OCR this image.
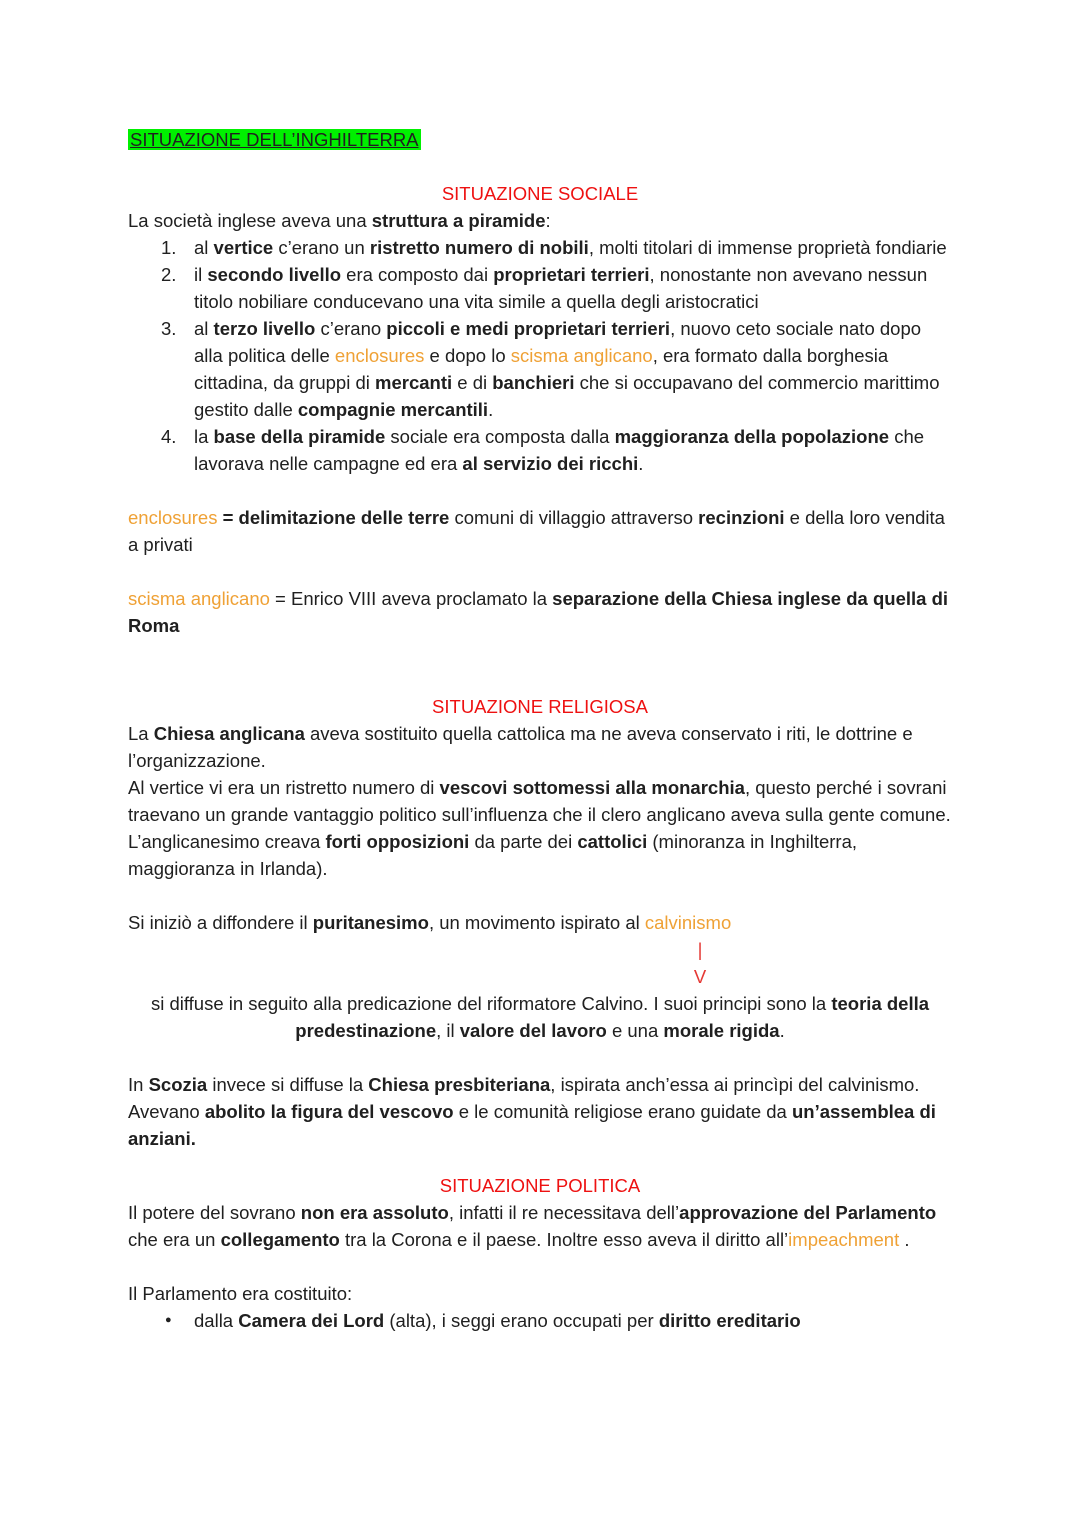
SITUAZIONE DELL’INGHILTERRA
SITUAZIONE SOCIALE
La società inglese aveva una struttura a piramide:
1. al vertice c’erano un ristretto numero di nobili, molti titolari di immense proprietà fondiarie
2. il secondo livello era composto dai proprietari terrieri, nonostante non avevano nessun titolo nobiliare conducevano una vita simile a quella degli aristocratici
3. al terzo livello c’erano piccoli e medi proprietari terrieri, nuovo ceto sociale nato dopo alla politica delle enclosures e dopo lo scisma anglicano, era formato dalla borghesia cittadina, da gruppi di mercanti e di banchieri che si occupavano del commercio marittimo gestito dalle compagnie mercantili.
4. la base della piramide sociale era composta dalla maggioranza della popolazione che lavorava nelle campagne ed era al servizio dei ricchi.
enclosures = delimitazione delle terre comuni di villaggio attraverso recinzioni e della loro vendita a privati
scisma anglicano = Enrico VIII aveva proclamato la separazione della Chiesa inglese da quella di Roma
SITUAZIONE RELIGIOSA
La Chiesa anglicana aveva sostituito quella cattolica ma ne aveva conservato i riti, le dottrine e l’organizzazione.
Al vertice vi era un ristretto numero di vescovi sottomessi alla monarchia, questo perché i sovrani traevano un grande vantaggio politico sull’influenza che il clero anglicano aveva sulla gente comune.
L’anglicanesimo creava forti opposizioni da parte dei cattolici (minoranza in Inghilterra, maggioranza in Irlanda).
Si iniziò a diffondere il puritanesimo, un movimento ispirato al calvinismo
|
V
si diffuse in seguito alla predicazione del riformatore Calvino. I suoi principi sono la teoria della predestinazione, il valore del lavoro e una morale rigida.
In Scozia invece si diffuse la Chiesa presbiteriana, ispirata anch’essa ai princìpi del calvinismo. Avevano abolito la figura del vescovo e le comunità religiose erano guidate da un’assemblea di anziani.
SITUAZIONE POLITICA
Il potere del sovrano non era assoluto, infatti il re necessitava dell’approvazione del Parlamento che era un collegamento tra la Corona e il paese. Inoltre esso aveva il diritto all’impeachment .
Il Parlamento era costituito:
● dalla Camera dei Lord (alta), i seggi erano occupati per diritto ereditario
